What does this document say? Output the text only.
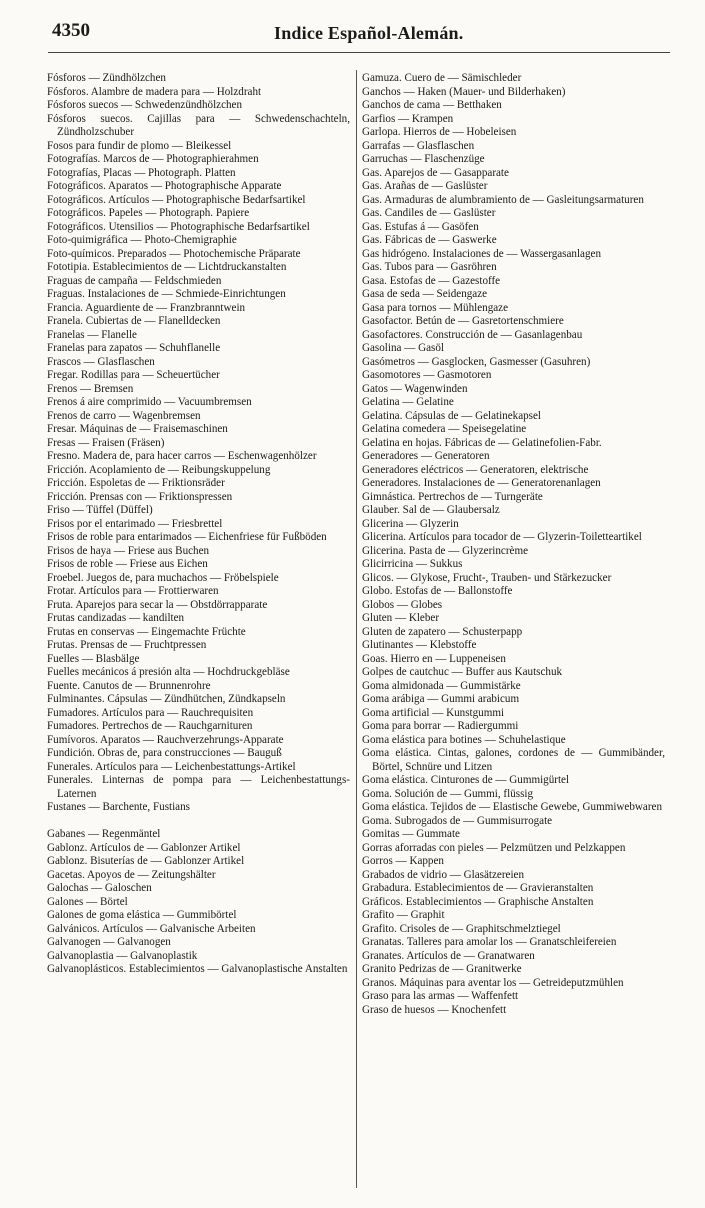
4350	Indice Español-Alemán.

Fósforos — Zündhölzchen

Fósforos. Alambre de madera para — Holzdraht

Fósforos suecos — Schwedenzündhölzchen

Fósforos suecos. Cajillas para — Schwedenschachteln, Zündholzschuber

Fosos para fundir de plomo — Bleikessel

Fotografías. Marcos de — Photographierahmen

Fotografías, Placas — Photograph. Platten

Fotográficos. Aparatos — Photographische Apparate

Fotográficos. Artículos — Photographische Bedarfsartikel

Fotográficos. Papeles — Photograph. Papiere

Fotográficos. Utensilios — Photographische Bedarfsartikel

Foto-quimigráfica — Photo-Chemigraphie

Foto-químicos. Preparados — Photochemische Präparate

Fototipia. Establecimientos de — Lichtdruckanstalten

Fraguas de campaña — Feldschmieden

Fraguas. Instalaciones de — Schmiede-Einrichtungen

Francia. Aguardiente de — Franzbranntwein

Franela. Cubiertas de — Flanelldecken

Franelas — Flanelle

Franelas para zapatos — Schuhflanelle

Frascos — Glasflaschen

Fregar. Rodillas para — Scheuertücher

Frenos — Bremsen

Frenos á aire comprimido — Vacuumbremsen

Frenos de carro — Wagenbremsen

Fresar. Máquinas de — Fraisemaschinen

Fresas — Fraisen (Fräsen)

Fresno. Madera de, para hacer carros — Eschenwagenhölzer

Fricción. Acoplamiento de — Reibungskuppelung

Fricción. Espoletas de — Friktionsräder

Fricción. Prensas con — Friktionspressen

Friso — Tüffel (Düffel)

Frisos por el entarimado — Friesbrettel

Frisos de roble para entarimados — Eichenfriese für Fußböden

Frisos de haya — Friese aus Buchen

Frisos de roble — Friese aus Eichen

Froebel. Juegos de, para muchachos — Fröbelspiele

Frotar. Artículos para — Frottierwaren

Fruta. Aparejos para secar la — Obstdörrapparate

Frutas candizadas — kandilten

Frutas en conservas — Eingemachte Früchte

Frutas. Prensas de — Fruchtpressen

Fuelles — Blasbälge

Fuelles mecánicos á presión alta — Hochdruckgebläse

Fuente. Canutos de — Brunnenrohre

Fulminantes. Cápsulas — Zündhütchen, Zündkapseln

Fumadores. Artículos para — Rauchrequisiten

Fumadores. Pertrechos de — Rauchgarnituren

Fumívoros. Aparatos — Rauchverzehrungs-Apparate

Fundición. Obras de, para construcciones — Bauguß

Funerales. Artículos para — Leichenbestattungs-Artikel

Funerales. Linternas de pompa para — Leichenbestattungs-Laternen

Fustanes — Barchente, Fustians

Gabanes — Regenmäntel

Gablonz. Artículos de — Gablonzer Artikel

Gablonz. Bisuterías de — Gablonzer Artikel

Gacetas. Apoyos de — Zeitungshälter

Galochas — Galoschen

Galones — Börtel

Galones de goma elástica — Gummibörtel

Galvánicos. Artículos — Galvanische Arbeiten

Galvanogen — Galvanogen

Galvanoplastia — Galvanoplastik

Galvanoplásticos. Establecimientos — Galvanoplastische Anstalten

Gamuza. Cuero de — Sämischleder

Ganchos — Haken (Mauer- und Bilderhaken)

Ganchos de cama — Betthaken

Garfios — Krampen

Garlopa. Hierros de — Hobeleisen

Garrafas — Glasflaschen

Garruchas — Flaschenzüge

Gas. Aparejos de — Gasapparate

Gas. Arañas de — Gaslüster

Gas. Armaduras de alumbramiento de — Gasleitungsarmaturen

Gas. Candiles de — Gaslüster

Gas. Estufas á — Gasöfen

Gas. Fábricas de — Gaswerke

Gas hidrógeno. Instalaciones de — Wassergasanlagen

Gas. Tubos para — Gasröhren

Gasa. Estofas de — Gazestoffe

Gasa de seda — Seidengaze

Gasa para tornos — Mühlengaze

Gasofactor. Betún de — Gasretortenschmiere

Gasofactores. Construcción de — Gasanlagenbau

Gasolina — Gasöl

Gasómetros — Gasglocken, Gasmesser (Gasuhren)

Gasomotores — Gasmotoren

Gatos — Wagenwinden

Gelatina — Gelatine

Gelatina. Cápsulas de — Gelatinekapsel

Gelatina comedera — Speisegelatine

Gelatina en hojas. Fábricas de — Gelatinefolien-Fabr.

Generadores — Generatoren

Generadores eléctricos — Generatoren, elektrische

Generadores. Instalaciones de — Generatorenanlagen

Gimnástica. Pertrechos de — Turngeräte

Glauber. Sal de — Glaubersalz

Glicerina — Glyzerin

Glicerina. Artículos para tocador de — Glyzerin-Toiletteartikel

Glicerina. Pasta de — Glyzerincrème

Glicirricina — Sukkus

Glicos. — Glykose, Frucht-, Trauben- und Stärkezucker

Globo. Estofas de — Ballonstoffe

Globos — Globes

Gluten — Kleber

Gluten de zapatero — Schusterpapp

Glutinantes — Klebstoffe

Goas. Hierro en — Luppeneisen

Golpes de cautchuc — Buffer aus Kautschuk

Goma almidonada — Gummistärke

Goma arábiga — Gummi arabicum

Goma artificial — Kunstgummi

Goma para borrar — Radiergummi

Goma elástica para botines — Schuhelastique

Goma elástica. Cintas, galones, cordones de — Gummibänder, Börtel, Schnüre und Litzen

Goma elástica. Cinturones de — Gummigürtel

Goma. Solución de — Gummi, flüssig

Goma elástica. Tejidos de — Elastische Gewebe, Gummiwebwaren

Goma. Subrogados de — Gummisurrogate

Gomitas — Gummate

Gorras aforradas con pieles — Pelzmützen und Pelzkappen

Gorros — Kappen

Grabados de vidrio — Glasätzereien

Grabadura. Establecimientos de — Gravieranstalten

Gráficos. Establecimientos — Graphische Anstalten

Grafito — Graphit

Grafito. Crisoles de — Graphitschmelztiegel

Granatas. Talleres para amolar los — Granatschleifereien

Granates. Artículos de — Granatwaren

Granito Pedrizas de — Granitwerke

Granos. Máquinas para aventar los — Getreideputzmühlen

Graso para las armas — Waffenfett

Graso de huesos — Knochenfett
